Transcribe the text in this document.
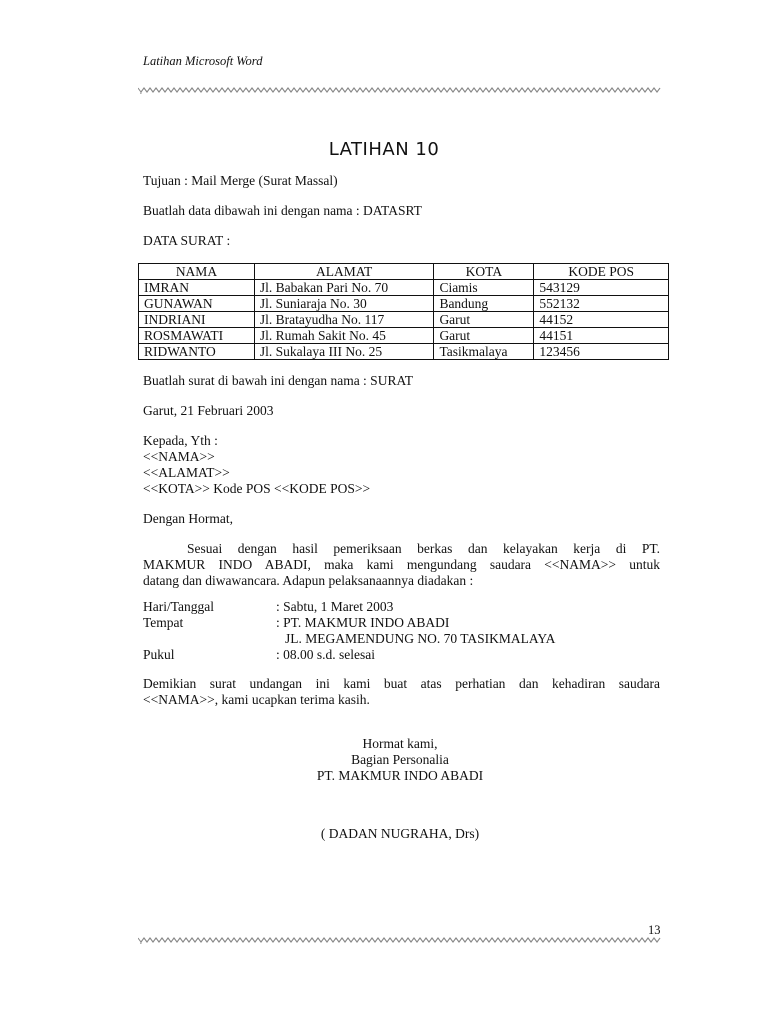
Latihan Microsoft Word
LATIHAN 10
Tujuan : Mail Merge (Surat Massal)
Buatlah data dibawah ini dengan nama : DATASRT
DATA SURAT :
NAMA	ALAMAT	KOTA	KODE POS
IMRAN	Jl. Babakan Pari No. 70	Ciamis	543129
GUNAWAN	Jl. Suniaraja No. 30	Bandung	552132
INDRIANI	Jl. Bratayudha No. 117	Garut	44152
ROSMAWATI	Jl. Rumah Sakit No. 45	Garut	44151
RIDWANTO	Jl. Sukalaya III No. 25	Tasikmalaya	123456
Buatlah surat di bawah ini dengan nama : SURAT
Garut, 21 Februari 2003
Kepada, Yth :
<<NAMA>>
<<ALAMAT>>
<<KOTA>> Kode POS <<KODE POS>>
Dengan Hormat,
Sesuai dengan hasil pemeriksaan berkas dan kelayakan kerja di PT.
MAKMUR INDO ABADI, maka kami mengundang saudara <<NAMA>> untuk
datang dan diwawancara. Adapun pelaksanaannya diadakan :
Hari/Tanggal	: Sabtu, 1 Maret 2003
Tempat	: PT. MAKMUR INDO ABADI
JL. MEGAMENDUNG NO. 70 TASIKMALAYA
Pukul	: 08.00 s.d. selesai
Demikian surat undangan ini kami buat atas perhatian dan kehadiran saudara
<<NAMA>>, kami ucapkan terima kasih.
Hormat kami,
Bagian Personalia
PT. MAKMUR INDO ABADI
( DADAN NUGRAHA, Drs)
13
